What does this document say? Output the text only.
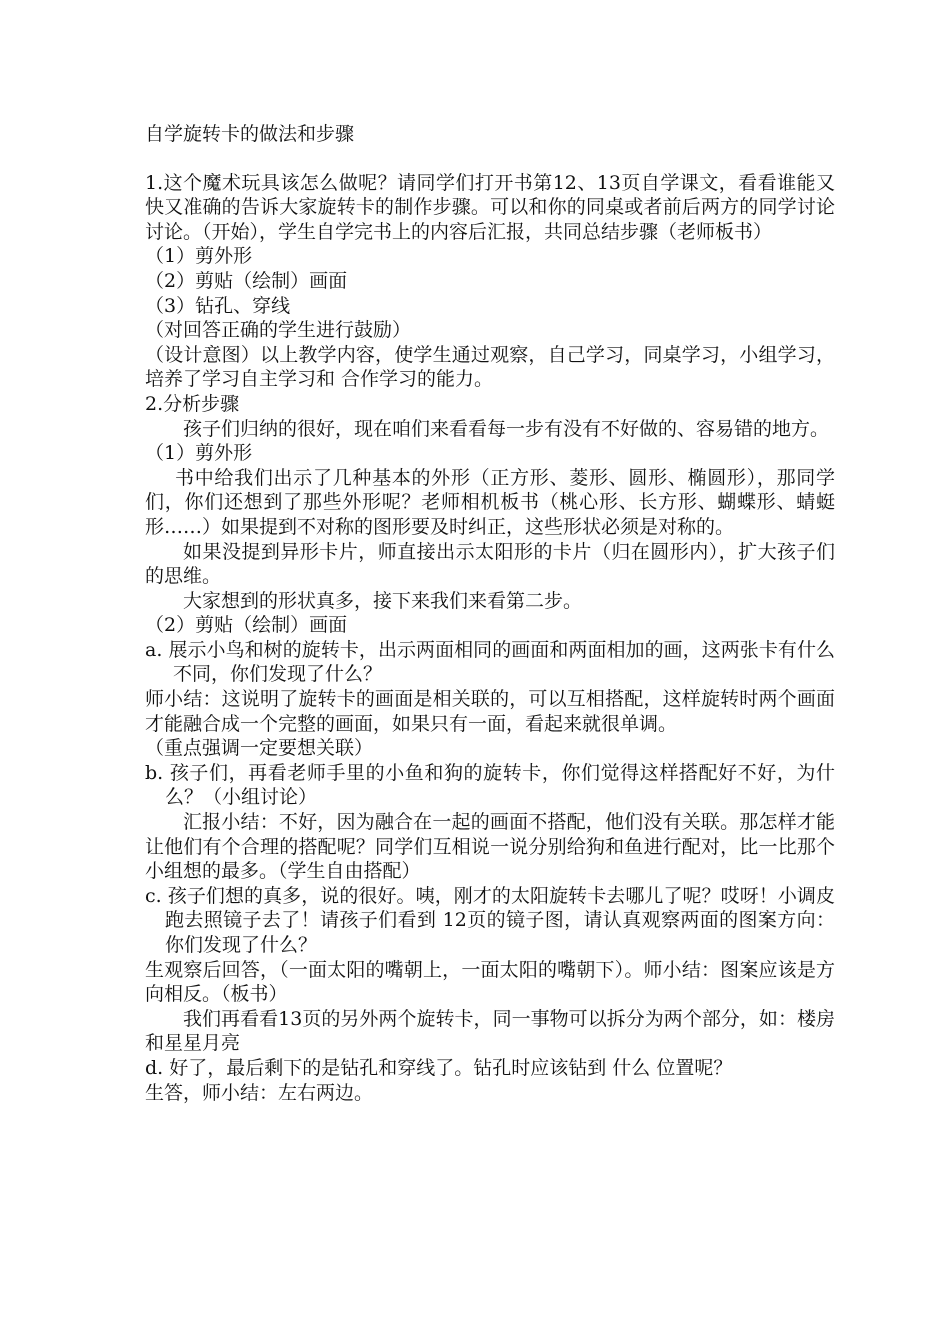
自学旋转卡的做法和步骤

1.这个魔术玩具该怎么做呢？请同学们打开书第12、13页自学课文，看看谁能又快又准确的告诉大家旋转卡的制作步骤。可以和你的同桌或者前后两方的同学讨论讨论。（开始），学生自学完书上的内容后汇报，共同总结步骤（老师板书）

（1）剪外形

（2）剪贴（绘制）画面

（3）钻孔、穿线

（对回答正确的学生进行鼓励）

（设计意图）以上教学内容，使学生通过观察，自己学习，同桌学习，小组学习，培养了学习自主学习和 合作学习的能力。

2.分析步骤

孩子们归纳的很好，现在咱们来看看每一步有没有不好做的、容易错的地方。

（1）剪外形

书中给我们出示了几种基本的外形（正方形、菱形、圆形、椭圆形），那同学们，你们还想到了那些外形呢？老师相机板书（桃心形、长方形、蝴蝶形、蜻蜓形……）如果提到不对称的图形要及时纠正，这些形状必须是对称的。

如果没提到异形卡片，师直接出示太阳形的卡片（归在圆形内），扩大孩子们的思维。

大家想到的形状真多，接下来我们来看第二步。

（2）剪贴（绘制）画面

a. 展示小鸟和树的旋转卡，出示两面相同的画面和两面相加的画，这两张卡有什么不同，你们发现了什么？

师小结：这说明了旋转卡的画面是相关联的，可以互相搭配，这样旋转时两个画面才能融合成一个完整的画面，如果只有一面，看起来就很单调。

（重点强调一定要想关联）

b. 孩子们，再看老师手里的小鱼和狗的旋转卡，你们觉得这样搭配好不好，为什么？（小组讨论）

汇报小结：不好，因为融合在一起的画面不搭配，他们没有关联。那怎样才能让他们有个合理的搭配呢？同学们互相说一说分别给狗和鱼进行配对，比一比那个小组想的最多。（学生自由搭配）

c. 孩子们想的真多，说的很好。咦，刚才的太阳旋转卡去哪儿了呢？哎呀！小调皮跑去照镜子去了！请孩子们看到 12页的镜子图，请认真观察两面的图案方向：你们发现了什么？

生观察后回答，（一面太阳的嘴朝上，一面太阳的嘴朝下）。师小结：图案应该是方向相反。（板书）

我们再看看13页的另外两个旋转卡，同一事物可以拆分为两个部分，如：楼房和星星月亮

d. 好了，最后剩下的是钻孔和穿线了。钻孔时应该钻到 什么 位置呢？

生答，师小结：左右两边。
